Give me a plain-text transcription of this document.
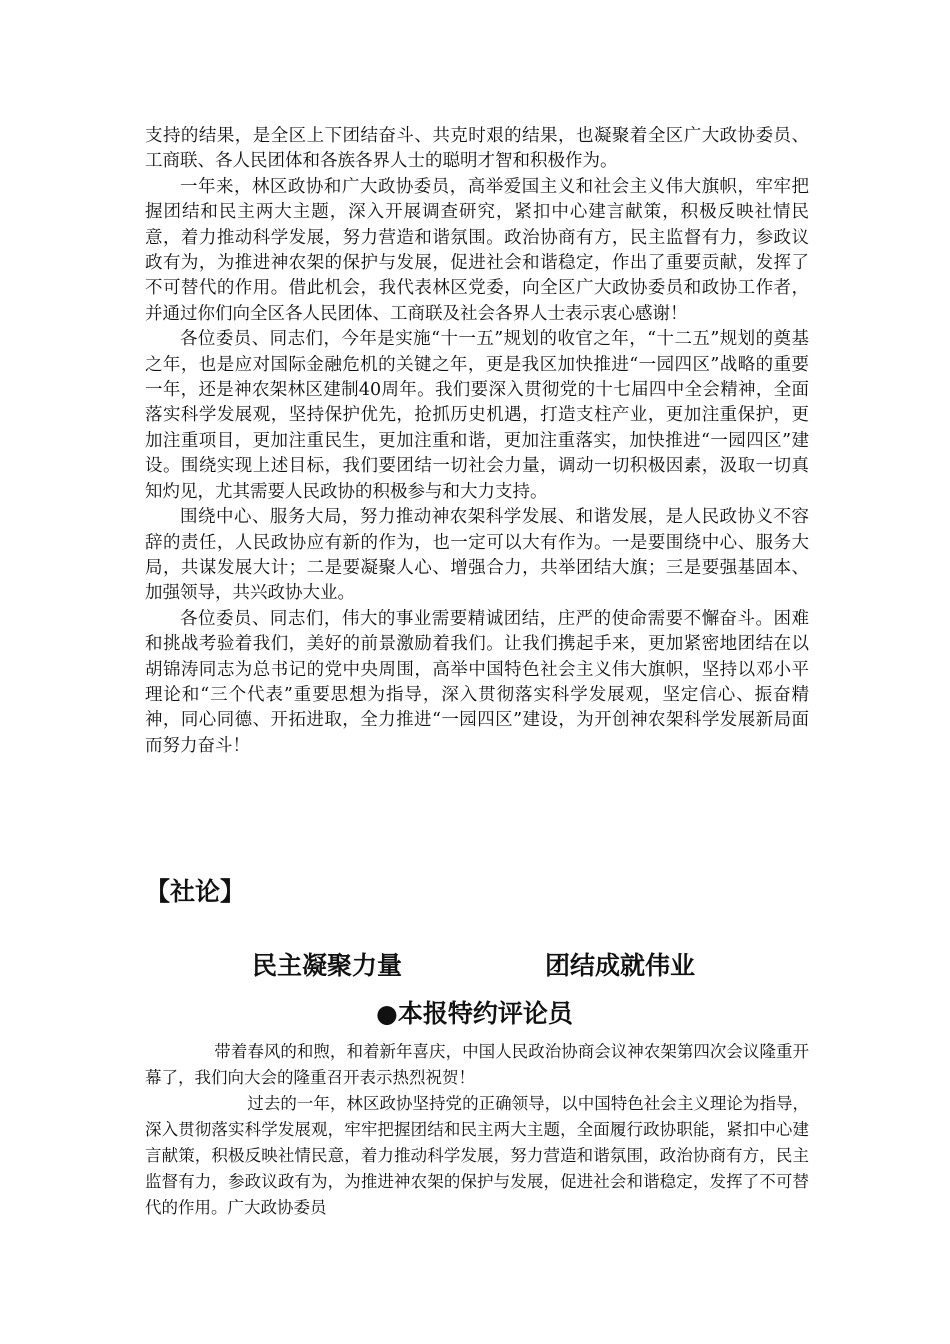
支持的结果，是全区上下团结奋斗、共克时艰的结果，也凝聚着全区广大政协委员、工商联、各人民团体和各族各界人士的聪明才智和积极作为。

一年来，林区政协和广大政协委员，高举爱国主义和社会主义伟大旗帜，牢牢把握团结和民主两大主题，深入开展调查研究，紧扣中心建言献策，积极反映社情民意，着力推动科学发展，努力营造和谐氛围。政治协商有方，民主监督有力，参政议政有为，为推进神农架的保护与发展，促进社会和谐稳定，作出了重要贡献，发挥了不可替代的作用。借此机会，我代表林区党委，向全区广大政协委员和政协工作者，并通过你们向全区各人民团体、工商联及社会各界人士表示衷心感谢！

各位委员、同志们，今年是实施“十一五”规划的收官之年，“十二五”规划的奠基之年，也是应对国际金融危机的关键之年，更是我区加快推进“一园四区”战略的重要一年，还是神农架林区建制40周年。我们要深入贯彻党的十七届四中全会精神，全面落实科学发展观，坚持保护优先，抢抓历史机遇，打造支柱产业，更加注重保护，更加注重项目，更加注重民生，更加注重和谐，更加注重落实，加快推进“一园四区”建设。围绕实现上述目标，我们要团结一切社会力量，调动一切积极因素，汲取一切真知灼见，尤其需要人民政协的积极参与和大力支持。

围绕中心、服务大局，努力推动神农架科学发展、和谐发展，是人民政协义不容辞的责任，人民政协应有新的作为，也一定可以大有作为。一是要围绕中心、服务大局，共谋发展大计；二是要凝聚人心、增强合力，共举团结大旗；三是要强基固本、加强领导，共兴政协大业。

各位委员、同志们，伟大的事业需要精诚团结，庄严的使命需要不懈奋斗。困难和挑战考验着我们，美好的前景激励着我们。让我们携起手来，更加紧密地团结在以胡锦涛同志为总书记的党中央周围，高举中国特色社会主义伟大旗帜，坚持以邓小平理论和“三个代表”重要思想为指导，深入贯彻落实科学发展观，坚定信心、振奋精神，同心同德、开拓进取，全力推进“一园四区”建设，为开创神农架科学发展新局面而努力奋斗！

【社论】
民主凝聚力量	团结成就伟业
●本报特约评论员

带着春风的和煦，和着新年喜庆，中国人民政治协商会议神农架第四次会议隆重开幕了，我们向大会的隆重召开表示热烈祝贺！

过去的一年，林区政协坚持党的正确领导，以中国特色社会主义理论为指导，深入贯彻落实科学发展观，牢牢把握团结和民主两大主题，全面履行政协职能，紧扣中心建言献策，积极反映社情民意，着力推动科学发展，努力营造和谐氛围，政治协商有方，民主监督有力，参政议政有为，为推进神农架的保护与发展，促进社会和谐稳定，发挥了不可替代的作用。广大政协委员
